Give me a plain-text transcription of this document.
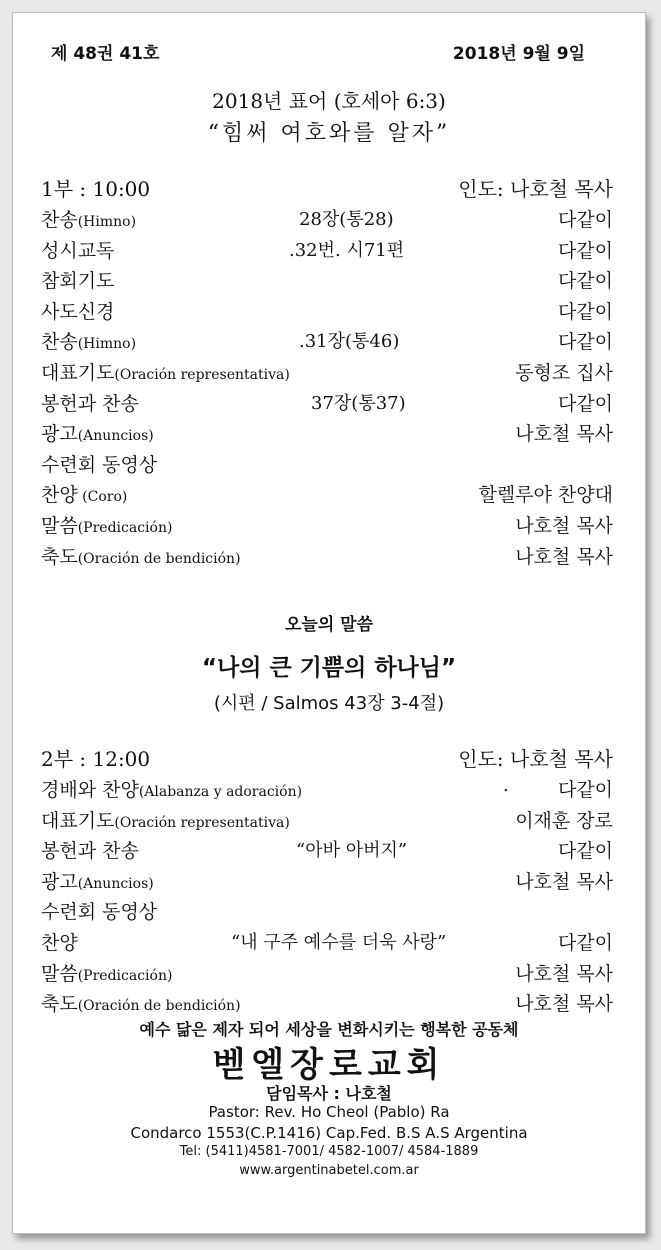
제 48권 41호	2018년 9월 9일
2018년 표어 (호세아 6:3)
“힘써 여호와를 알자”
1부 : 10:00	인도: 나호철 목사
찬송(Himno)	28장(통28)	다같이
성시교독	.32번. 시71편	다같이
참회기도	다같이
사도신경	다같이
찬송(Himno)	.31장(통46)	다같이
대표기도(Oración representativa)	동형조 집사
봉헌과 찬송	37장(통37)	다같이
광고(Anuncios)	나호철 목사
수련회 동영상
찬양 (Coro)	할렐루야 찬양대
말씀(Predicación)	나호철 목사
축도(Oración de bendición)	나호철 목사
오늘의 말씀
“나의 큰 기쁨의 하나님”
(시편 / Salmos 43장 3-4절)
2부 : 12:00	인도: 나호철 목사
경배와 찬양(Alabanza y adoración)	.	다같이
대표기도(Oración representativa)	이재훈 장로
봉헌과 찬송	“아바 아버지”	다같이
광고(Anuncios)	나호철 목사
수련회 동영상
찬양	“내 구주 예수를 더욱 사랑”	다같이
말씀(Predicación)	나호철 목사
축도(Oración de bendición)	나호철 목사
예수 닮은 제자 되어 세상을 변화시키는 행복한 공동체
벧엘장로교회
담임목사 : 나호철
Pastor: Rev. Ho Cheol (Pablo) Ra
Condarco 1553(C.P.1416) Cap.Fed. B.S A.S Argentina
Tel: (5411)4581-7001/ 4582-1007/ 4584-1889
www.argentinabetel.com.ar
